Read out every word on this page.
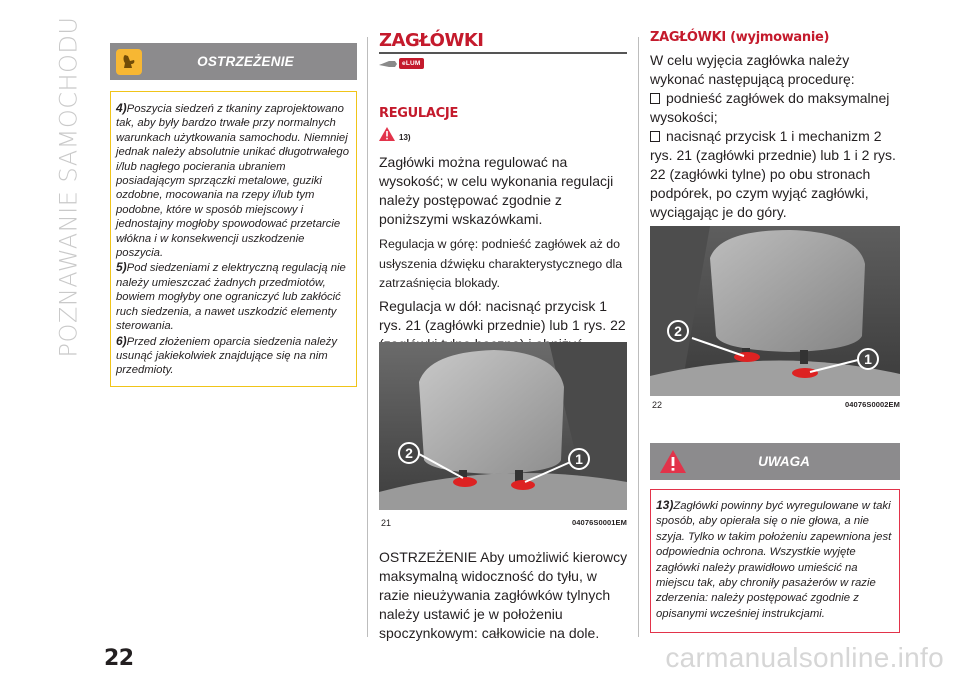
POZNAWANIE SAMOCHODU
22	carmanualsonline.info
OSTRZEŻENIE

4)Poszycia siedzeń z tkaniny zaprojektowano tak, aby były bardzo trwałe przy normalnych warunkach użytkowania samochodu. Niemniej jednak należy absolutnie unikać długotrwałego i/lub nagłego pocierania ubraniem posiadającym sprzączki metalowe, guziki ozdobne, mocowania na rzepy i/lub tym podobne, które w sposób miejscowy i jednostajny mogłoby spowodować przetarcie włókna i w konsekwencji uszkodzenie poszycia.

5)Pod siedzeniami z elektryczną regulacją nie należy umieszczać żadnych przedmiotów, bowiem mogłyby one ograniczyć lub zakłócić ruch siedzenia, a nawet uszkodzić elementy sterowania.

6)Przed złożeniem oparcia siedzenia należy usunąć jakiekolwiek znajdujące się na nim przedmioty.

ZAGŁÓWKI
eLUM
REGULACJE
13)

Zagłówki można regulować na wysokość; w celu wykonania regulacji należy postępować zgodnie z poniższymi wskazówkami.

Regulacja w górę: podnieść zagłówek aż do usłyszenia dźwięku charakterystycznego dla zatrzaśnięcia blokady.

Regulacja w dół: nacisnąć przycisk 1 rys. 21 (zagłówki przednie) lub 1 rys. 22

2	1
21	04076S0001EM

OSTRZEŻENIE Aby umożliwić kierowcy maksymalną widoczność do tyłu, w razie nieużywania zagłówków tylnych należy ustawić je w położeniu spoczynkowym: całkowicie na dole.

ZAGŁÓWKI (wyjmowanie)

W celu wyjęcia zagłówka należy wykonać następującą procedurę:

podnieść zagłówek do maksymalnej wysokości;

nacisnąć przycisk 1 i mechanizm 2 rys. 21 (zagłówki przednie) lub 1 i 2 rys. 22 (zagłówki tylne) po obu stronach podpórek, po czym wyjąć zagłówki, wyciągając je do góry.

2
1
22	04076S0002EM
UWAGA

13)Zagłówki powinny być wyregulowane w taki sposób, aby opierała się o nie głowa, a nie szyja. Tylko w takim położeniu zapewniona jest odpowiednia ochrona. Wszystkie wyjęte zagłówki należy prawidłowo umieścić na miejscu tak, aby chroniły pasażerów w razie zderzenia: należy postępować zgodnie z opisanymi wcześniej instrukcjami.
